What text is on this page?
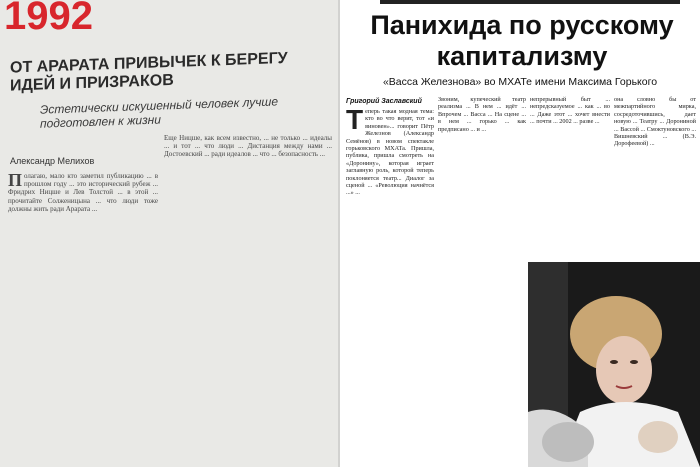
1992
ОТ АРАРАТА ПРИВЫЧЕК К БЕРЕГУ ИДЕЙ И ПРИЗРАКОВ
Эстетически искушенный человек лучше подготовлен к жизни
Александр Мелихов
Полагаю, мало кто заметил публикацию ... в прошлом году ... это исторический рубеж ... Фридрих Ницше и Лев Толстой ... в этой ... прочитайте Солженицына ... что люди тоже должны жить ради Арарата ...
Еще Ницше, как всем известно, ... не только ... идеалы ... и тот ... что люди ... Дистанция между нами ... Достоевский ... ради идеалов ... что ... безопасность ...
Панихида по русскому капитализму
«Васса Железнова» во МХАТе имени Максима Горького
Григорий Заславский
Т еперь такая модная тема: кто во что верит, тот «и виновен»... говорит Пётр Железнов (Александр Семёнов) в новом спектакле горьковского МХАТа. Пришла, публика, пришла смотреть на «Доронину», которая играет заглавную роль, которой теперь поклоняется театр... Диалог за сценой ... «Революция начнётся ...» ...
Звоним, купеческий театр реализма ... В нем ... идёт ... Впрочем ... Васса ... На сцене ... в нем ... горько ... как предписано ... и ...
непрерывный быт ... непредсказуемое ... как ... во ... Даже этот ... хочет внести ... почти ... 2002 ... разве ...
она словно бы от межпартийного мирка, сосредоточившись, дает новую ... Театру ... Дорониной ... Вассой ... Смоктуновского ... Вишневский ... (В.Э. Дорофеевой) ...
